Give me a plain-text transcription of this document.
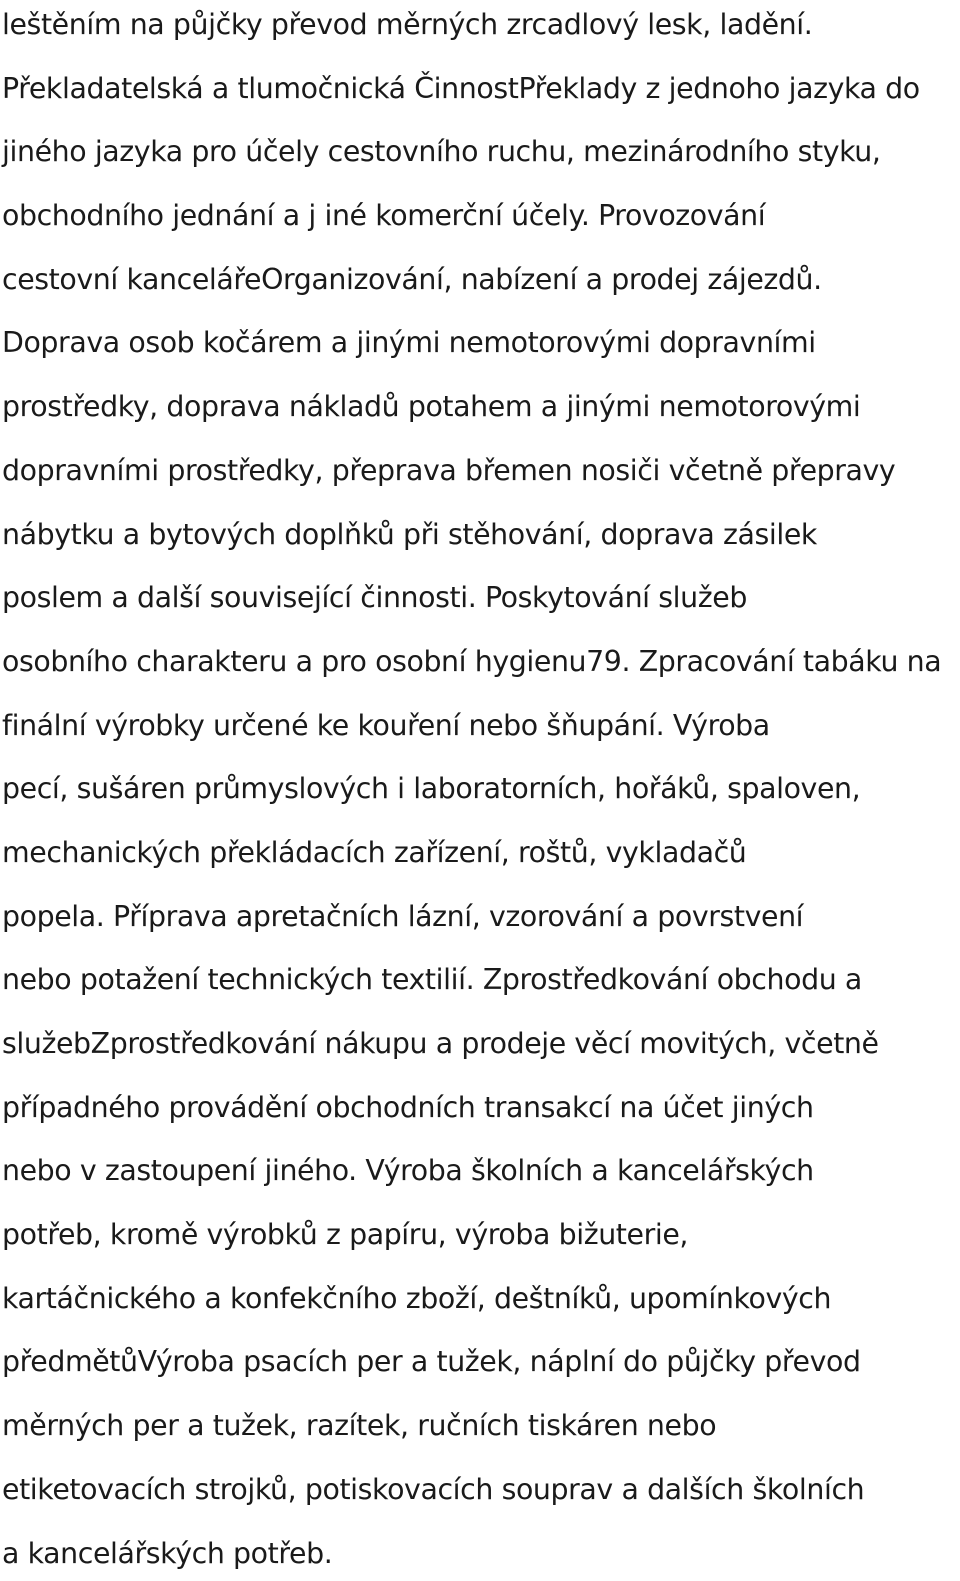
leštěním na půjčky převod měrných zrcadlový lesk, ladění.
Překladatelská a tlumočnická ČinnostPřeklady z jednoho jazyka do
jiného jazyka pro účely cestovního ruchu, mezinárodního styku,
obchodního jednání a j iné komerční účely. Provozování
cestovní kancelářeOrganizování, nabízení a prodej zájezdů.
Doprava osob kočárem a jinými nemotorovými dopravními
prostředky, doprava nákladů potahem a jinými nemotorovými
dopravními prostředky, přeprava břemen nosiči včetně přepravy
nábytku a bytových doplňků při stěhování, doprava zásilek
poslem a další související činnosti. Poskytování služeb
osobního charakteru a pro osobní hygienu79. Zpracování tabáku na
finální výrobky určené ke kouření nebo šňupání. Výroba
pecí, sušáren průmyslových i laboratorních, hořáků, spaloven,
mechanických překládacích zařízení, roštů, vykladačů
popela. Příprava apretačních lázní, vzorování a povrstvení
nebo potažení technických textilií. Zprostředkování obchodu a
služebZprostředkování nákupu a prodeje věcí movitých, včetně
případného provádění obchodních transakcí na účet jiných
nebo v zastoupení jiného. Výroba školních a kancelářských
potřeb, kromě výrobků z papíru, výroba bižuterie,
kartáčnického a konfekčního zboží, deštníků, upomínkových
předmětůVýroba psacích per a tužek, náplní do půjčky převod
měrných per a tužek, razítek, ručních tiskáren nebo
etiketovacích strojků, potiskovacích souprav a dalších školních
a kancelářských potřeb.
